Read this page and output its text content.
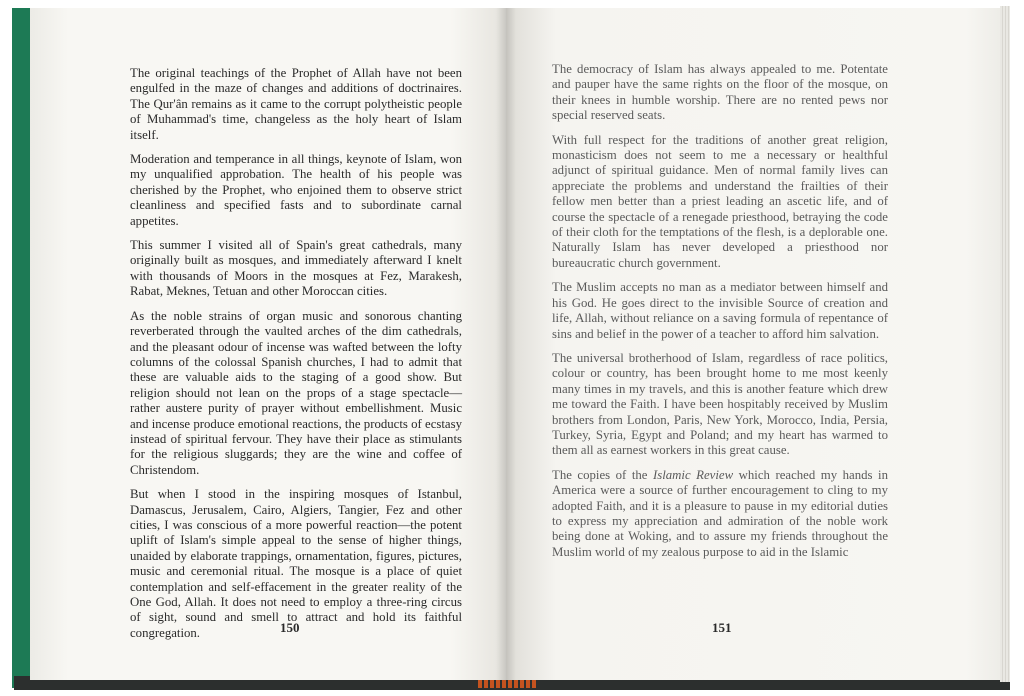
The original teachings of the Prophet of Allah have not been engulfed in the maze of changes and additions of doctrinaires. The Qur'ân remains as it came to the corrupt polytheistic people of Muhammad's time, changeless as the holy heart of Islam itself.

Moderation and temperance in all things, keynote of Islam, won my unqualified approbation. The health of his people was cherished by the Prophet, who enjoined them to observe strict cleanliness and specified fasts and to subordinate carnal appetites.

This summer I visited all of Spain's great cathedrals, many originally built as mosques, and immediately afterward I knelt with thousands of Moors in the mosques at Fez, Marakesh, Rabat, Meknes, Tetuan and other Moroccan cities.

As the noble strains of organ music and sonorous chanting reverberated through the vaulted arches of the dim cathedrals, and the pleasant odour of incense was wafted between the lofty columns of the colossal Spanish churches, I had to admit that these are valuable aids to the staging of a good show. But religion should not lean on the props of a stage spectacle—rather austere purity of prayer without embellishment. Music and incense produce emotional reactions, the products of ecstasy instead of spiritual fervour. They have their place as stimulants for the religious sluggards; they are the wine and coffee of Christendom.

But when I stood in the inspiring mosques of Istanbul, Damascus, Jerusalem, Cairo, Algiers, Tangier, Fez and other cities, I was conscious of a more powerful reaction—the potent uplift of Islam's simple appeal to the sense of higher things, unaided by elaborate trappings, ornamentation, figures, pictures, music and ceremonial ritual. The mosque is a place of quiet contemplation and self-effacement in the greater reality of the One God, Allah. It does not need to employ a three-ring circus of sight, sound and smell to attract and hold its faithful congregation.	150

The democracy of Islam has always appealed to me. Potentate and pauper have the same rights on the floor of the mosque, on their knees in humble worship. There are no rented pews nor special reserved seats.

With full respect for the traditions of another great religion, monasticism does not seem to me a necessary or healthful adjunct of spiritual guidance. Men of normal family lives can appreciate the problems and understand the frailties of their fellow men better than a priest leading an ascetic life, and of course the spectacle of a renegade priesthood, betraying the code of their cloth for the temptations of the flesh, is a deplorable one. Naturally Islam has never developed a priesthood nor bureaucratic church government.

The Muslim accepts no man as a mediator between himself and his God. He goes direct to the invisible Source of creation and life, Allah, without reliance on a saving formula of repentance of sins and belief in the power of a teacher to afford him salvation.

The universal brotherhood of Islam, regardless of race politics, colour or country, has been brought home to me most keenly many times in my travels, and this is another feature which drew me toward the Faith. I have been hospitably received by Muslim brothers from London, Paris, New York, Morocco, India, Persia, Turkey, Syria, Egypt and Poland; and my heart has warmed to them all as earnest workers in this great cause.

The copies of the Islamic Review which reached my hands in America were a source of further encouragement to cling to my adopted Faith, and it is a pleasure to pause in my editorial duties to express my appreciation and admiration of the noble work being done at Woking, and to assure my friends throughout the Muslim world of my zealous purpose to aid in the Islamic

151
